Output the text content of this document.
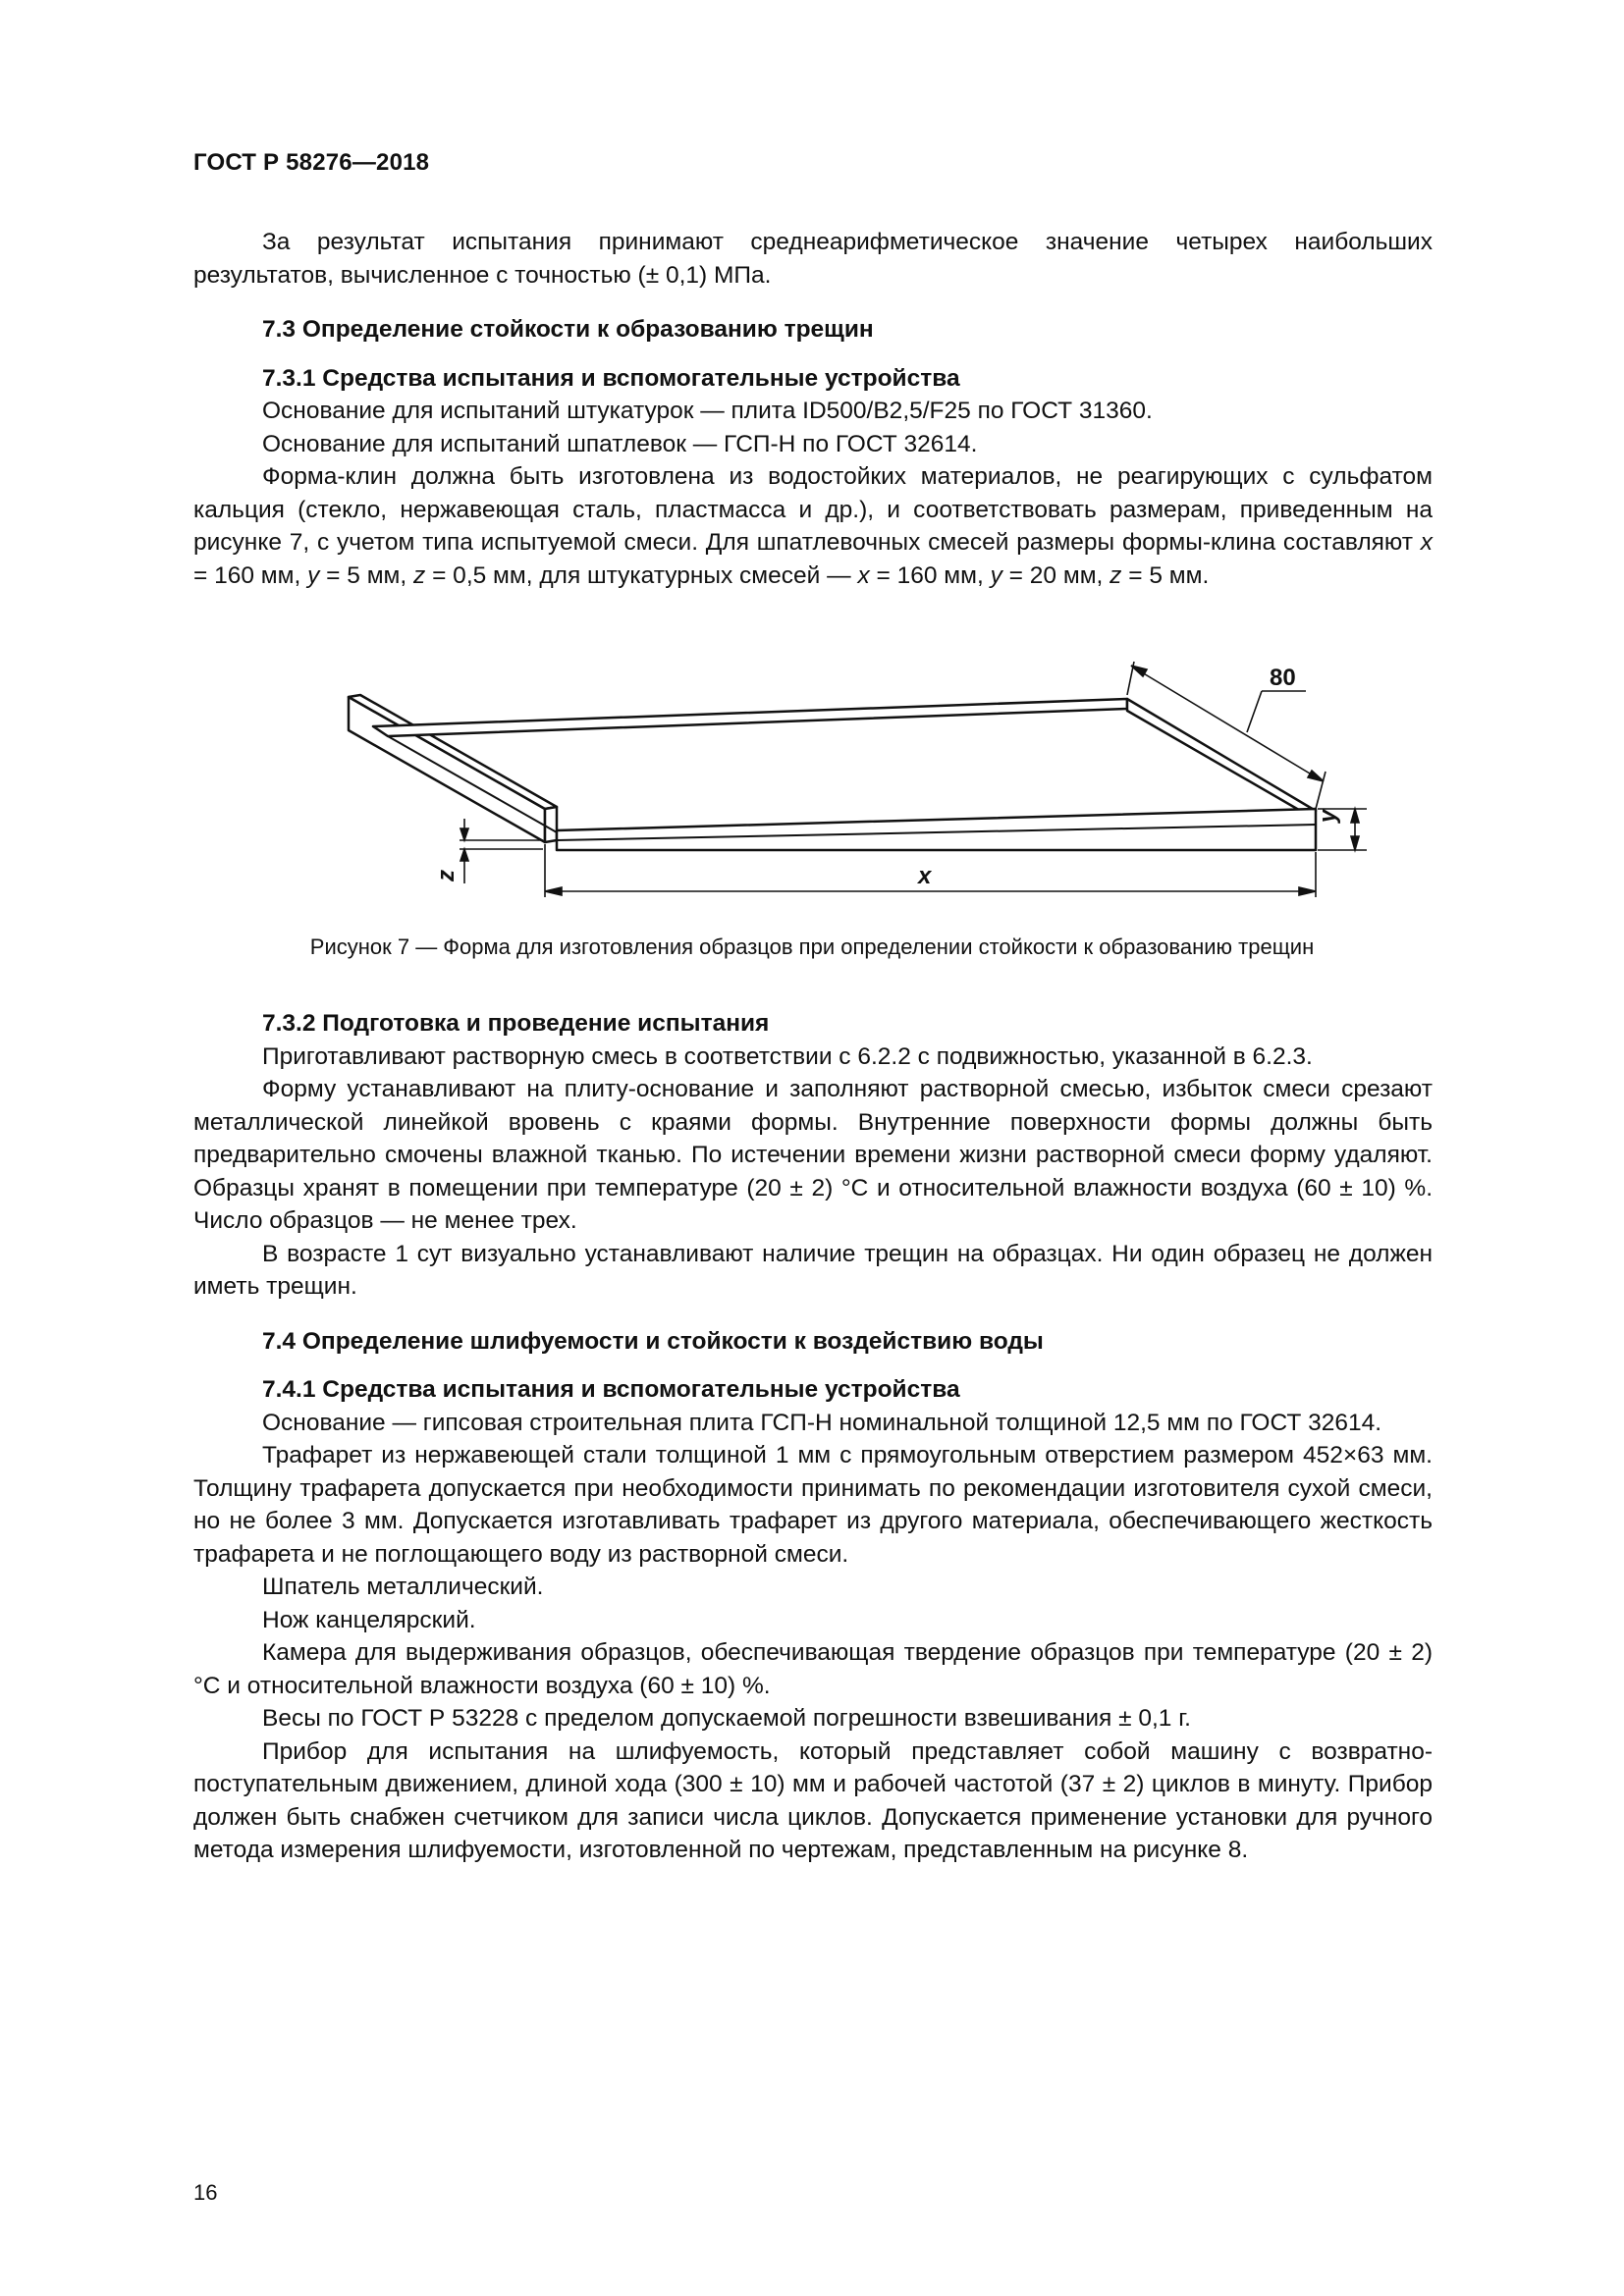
ГОСТ Р 58276—2018

За результат испытания принимают среднеарифметическое значение четырех наибольших результатов, вычисленное с точностью (± 0,1) МПа.

7.3 Определение стойкости к образованию трещин

7.3.1 Средства испытания и вспомогательные устройства

Основание для испытаний штукатурок — плита ID500/B2,5/F25 по ГОСТ 31360.

Основание для испытаний шпатлевок — ГСП-Н по ГОСТ 32614.

Форма-клин должна быть изготовлена из водостойких материалов, не реагирующих с сульфатом кальция (стекло, нержавеющая сталь, пластмасса и др.), и соответствовать размерам, приведенным на рисунке 7, с учетом типа испытуемой смеси. Для шпатлевочных смесей размеры формы-клина составляют x = 160 мм, y = 5 мм, z = 0,5 мм, для штукатурных смесей — x = 160 мм, y = 20 мм, z = 5 мм.

80
x
y
z
Рисунок 7 — Форма для изготовления образцов при определении стойкости к образованию трещин

7.3.2 Подготовка и проведение испытания

Приготавливают растворную смесь в соответствии с 6.2.2 с подвижностью, указанной в 6.2.3.

Форму устанавливают на плиту-основание и заполняют растворной смесью, избыток смеси срезают металлической линейкой вровень с краями формы. Внутренние поверхности формы должны быть предварительно смочены влажной тканью. По истечении времени жизни растворной смеси форму удаляют. Образцы хранят в помещении при температуре (20 ± 2) °С и относительной влажности воздуха (60 ± 10) %. Число образцов — не менее трех.

В возрасте 1 сут визуально устанавливают наличие трещин на образцах. Ни один образец не должен иметь трещин.

7.4 Определение шлифуемости и стойкости к воздействию воды

7.4.1 Средства испытания и вспомогательные устройства

Основание — гипсовая строительная плита ГСП-Н номинальной толщиной 12,5 мм по ГОСТ 32614.

Трафарет из нержавеющей стали толщиной 1 мм с прямоугольным отверстием размером 452×63 мм. Толщину трафарета допускается при необходимости принимать по рекомендации изготовителя сухой смеси, но не более 3 мм. Допускается изготавливать трафарет из другого материала, обеспечивающего жесткость трафарета и не поглощающего воду из растворной смеси.

Шпатель металлический.

Нож канцелярский.

Камера для выдерживания образцов, обеспечивающая твердение образцов при температуре (20 ± 2) °С и относительной влажности воздуха (60 ± 10) %.

Весы по ГОСТ Р 53228 с пределом допускаемой погрешности взвешивания ± 0,1 г.

Прибор для испытания на шлифуемость, который представляет собой машину с возвратно-поступательным движением, длиной хода (300 ± 10) мм и рабочей частотой (37 ± 2) циклов в минуту. Прибор должен быть снабжен счетчиком для записи числа циклов. Допускается применение установки для ручного метода измерения шлифуемости, изготовленной по чертежам, представленным на рисунке 8.

16
